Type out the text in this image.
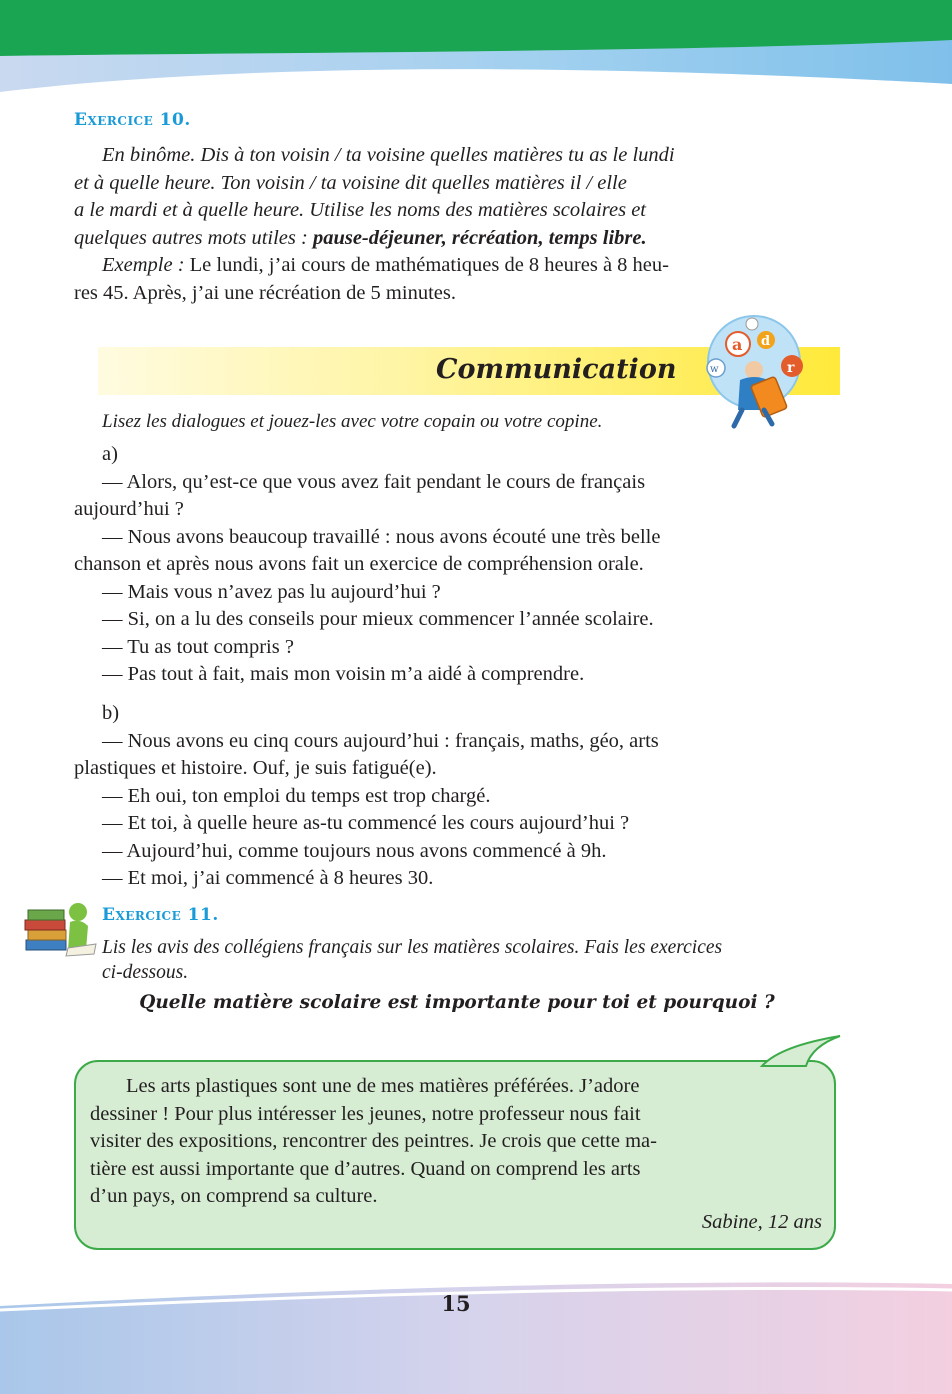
Exercice 10.

En binôme. Dis à ton voisin / ta voisine quelles matières tu as le lundi

et à quelle heure. Ton voisin / ta voisine dit quelles matières il / elle

a le mardi et à quelle heure. Utilise les noms des matières scolaires et

quelques autres mots utiles : pause-déjeuner, récréation, temps libre.

Exemple : Le lundi, j’ai cours de mathématiques de 8 heures à 8 heu-

res 45. Après, j’ai une récréation de 5 minutes.

Communication
a d
r
w

Lisez les dialogues et jouez-les avec votre copain ou votre copine.

a)

— Alors, qu’est-ce que vous avez fait pendant le cours de français

aujourd’hui ?

— Nous avons beaucoup travaillé : nous avons écouté une très belle

chanson et après nous avons fait un exercice de compréhension orale.

— Mais vous n’avez pas lu aujourd’hui ?

— Si, on a lu des conseils pour mieux commencer l’année scolaire.

— Tu as tout compris ?

— Pas tout à fait, mais mon voisin m’a aidé à comprendre.

b)

— Nous avons eu cinq cours aujourd’hui : français, maths, géo, arts

plastiques et histoire. Ouf, je suis fatigué(e).

— Eh oui, ton emploi du temps est trop chargé.

— Et toi, à quelle heure as-tu commencé les cours aujourd’hui ?

— Aujourd’hui, comme toujours nous avons commencé à 9h.

— Et moi, j’ai commencé à 8 heures 30.

Exercice 11.

Lis les avis des collégiens français sur les matières scolaires. Fais les exercices

ci-dessous.

Quelle matière scolaire est importante pour toi et pourquoi ?

Les arts plastiques sont une de mes matières préférées. J’adore

dessiner ! Pour plus intéresser les jeunes, notre professeur nous fait

visiter des expositions, rencontrer des peintres. Je crois que cette ma-

tière est aussi importante que d’autres. Quand on comprend les arts

d’un pays, on comprend sa culture.

Sabine, 12 ans
15
